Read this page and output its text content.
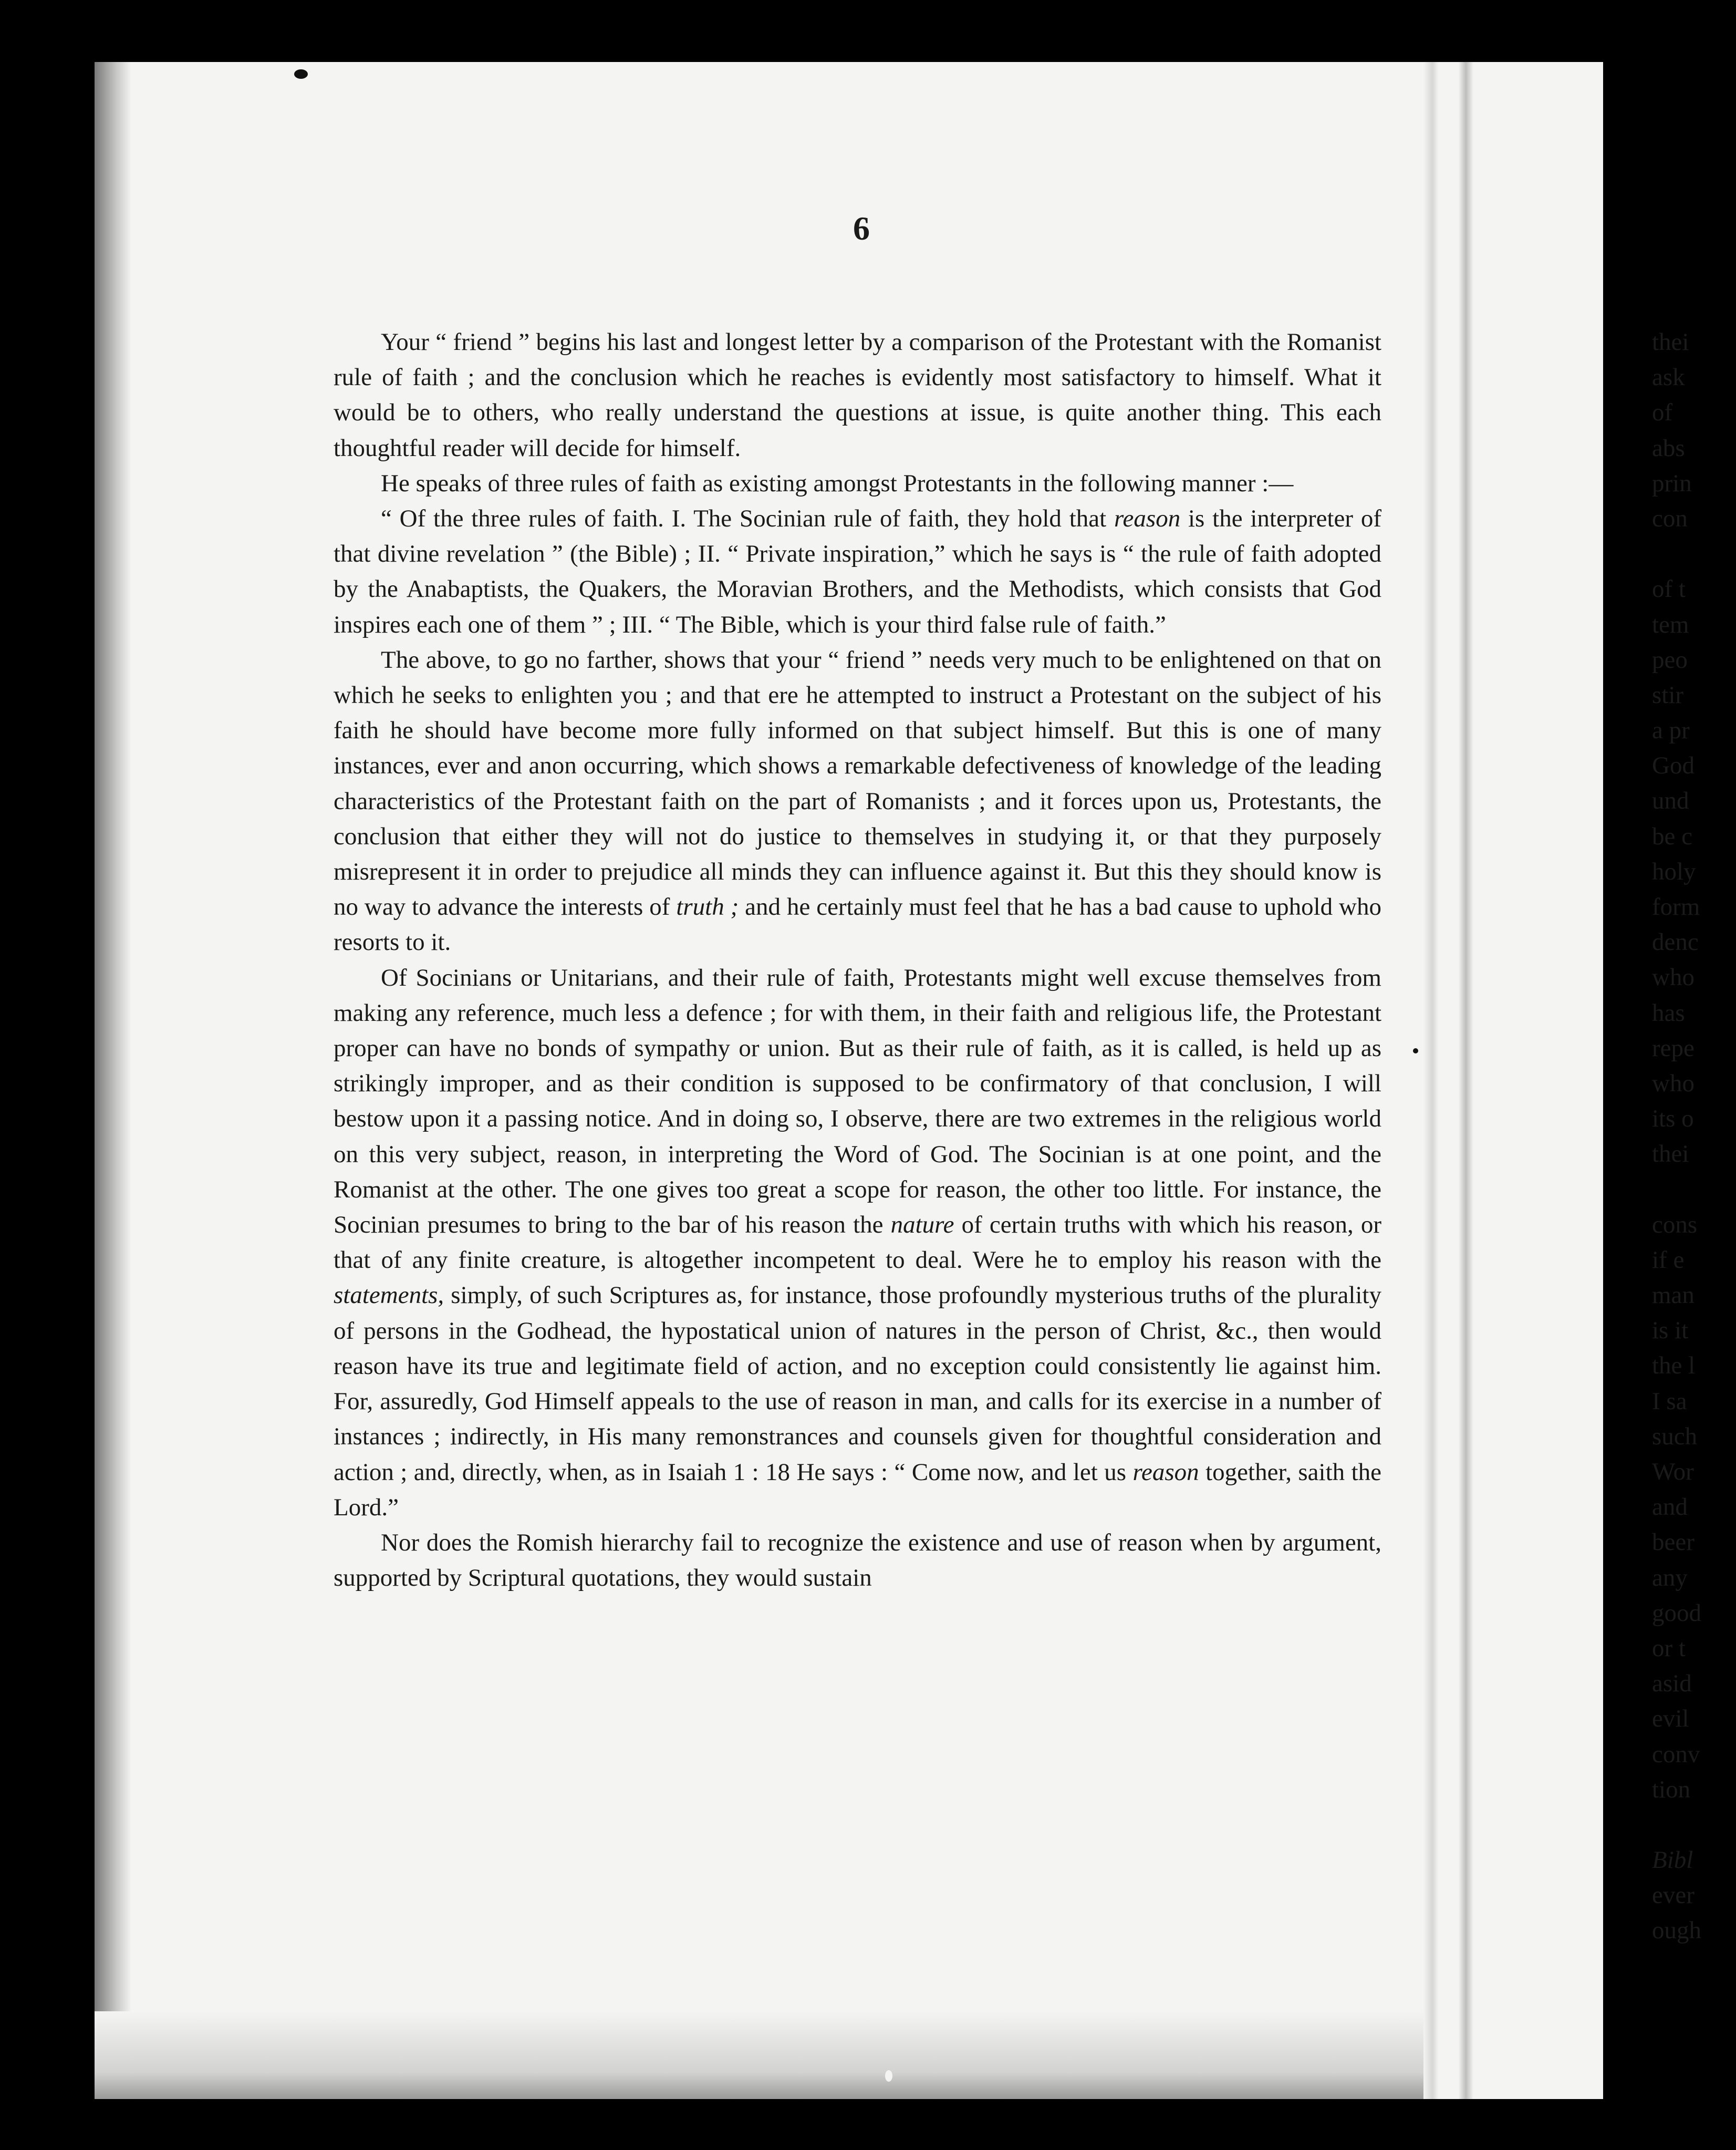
6

Your “ friend ” begins his last and longest letter by a comparison of the Protestant with the Romanist rule of faith ; and the conclusion which he reaches is evidently most satisfactory to himself. What it would be to others, who really understand the questions at issue, is quite another thing. This each thoughtful reader will decide for himself.

He speaks of three rules of faith as existing amongst Protestants in the following manner :—

“ Of the three rules of faith. I. The Socinian rule of faith, they hold that reason is the interpreter of that divine revelation ” (the Bible) ; II. “ Private inspiration,” which he says is “ the rule of faith adopted by the Anabaptists, the Quakers, the Moravian Brothers, and the Methodists, which consists that God inspires each one of them ” ; III. “ The Bible, which is your third false rule of faith.”

The above, to go no farther, shows that your “ friend ” needs very much to be enlightened on that on which he seeks to enlighten you ; and that ere he attempted to instruct a Protestant on the subject of his faith he should have become more fully informed on that subject himself. But this is one of many instances, ever and anon occurring, which shows a remarkable defectiveness of knowledge of the leading characteristics of the Protestant faith on the part of Romanists ; and it forces upon us, Protestants, the conclusion that either they will not do justice to themselves in studying it, or that they purposely misrepresent it in order to prejudice all minds they can influence against it. But this they should know is no way to advance the interests of truth ; and he certainly must feel that he has a bad cause to uphold who resorts to it.

Of Socinians or Unitarians, and their rule of faith, Protestants might well excuse themselves from making any reference, much less a defence ; for with them, in their faith and religious life, the Protestant proper can have no bonds of sympathy or union. But as their rule of faith, as it is called, is held up as strikingly improper, and as their condition is supposed to be confirmatory of that conclusion, I will bestow upon it a passing notice. And in doing so, I observe, there are two extremes in the religious world on this very subject, reason, in interpreting the Word of God. The Socinian is at one point, and the Romanist at the other. The one gives too great a scope for reason, the other too little. For instance, the Socinian presumes to bring to the bar of his reason the nature of certain truths with which his reason, or that of any finite creature, is altogether incompetent to deal. Were he to employ his reason with the statements, simply, of such Scriptures as, for instance, those profoundly mysterious truths of the plurality of persons in the Godhead, the hypostatical union of natures in the person of Christ, &c., then would reason have its true and legitimate field of action, and no exception could consistently lie against him. For, assuredly, God Himself appeals to the use of reason in man, and calls for its exercise in a number of instances ; indirectly, in His many remonstrances and counsels given for thoughtful consideration and action ; and, directly, when, as in Isaiah 1 : 18 He says : “ Come now, and let us reason together, saith the Lord.”

Nor does the Romish hierarchy fail to recognize the existence and use of reason when by argument, supported by Scriptural quotations, they would sustain

thei
ask
of
abs
prin
con
of t
tem
peo
stir
a pr
God
und
be c
holy
form
denc
who
has
repe
who
its o
thei
cons
if e
man
is it
the l
I sa
such
Wor
and
beer
any
good
or t
asid
evil
conv
tion
Bibl
ever
ough
